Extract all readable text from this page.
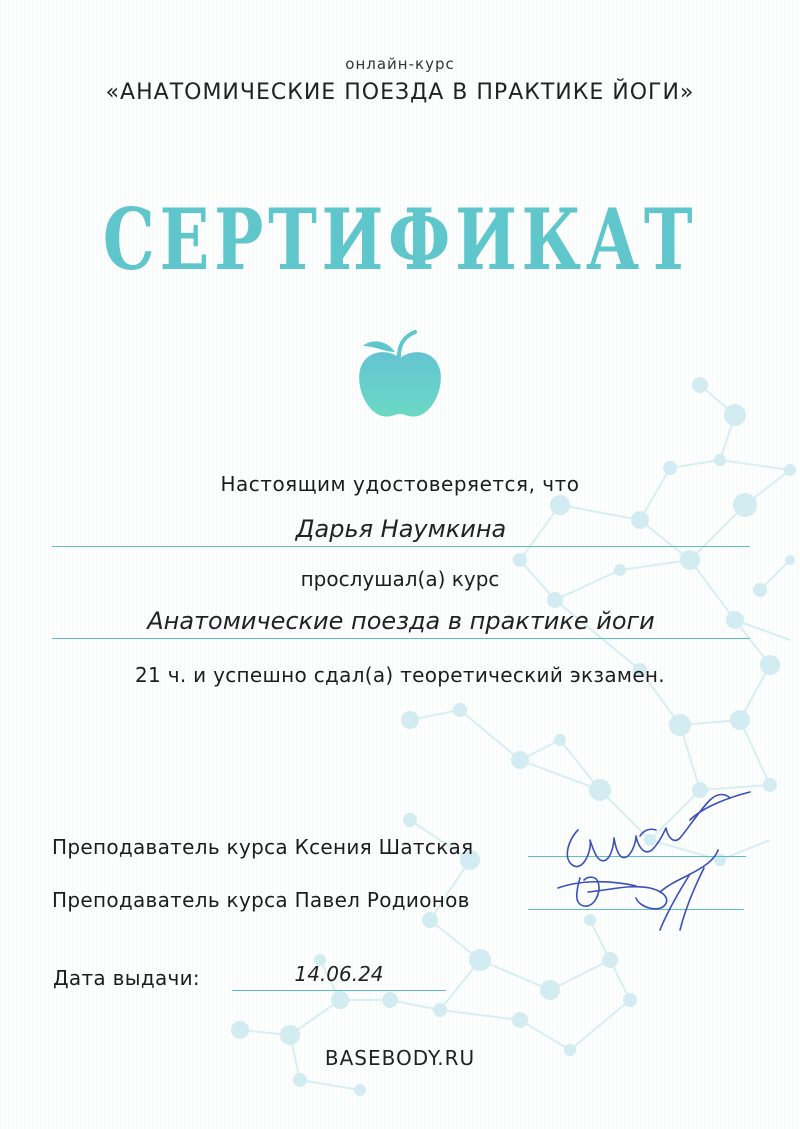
онлайн-курс
«АНАТОМИЧЕСКИЕ ПОЕЗДА В ПРАКТИКЕ ЙОГИ»
СЕРТИФИКАТ
Настоящим удостоверяется, что
Дарья Наумкина
прослушал(а) курс
Анатомические поезда в практике йоги
21 ч. и успешно сдал(а) теоретический экзамен.
Преподаватель курса Ксения Шатская
Преподаватель курса Павел Родионов
Дата выдачи:	14.06.24
BASEBODY.RU
